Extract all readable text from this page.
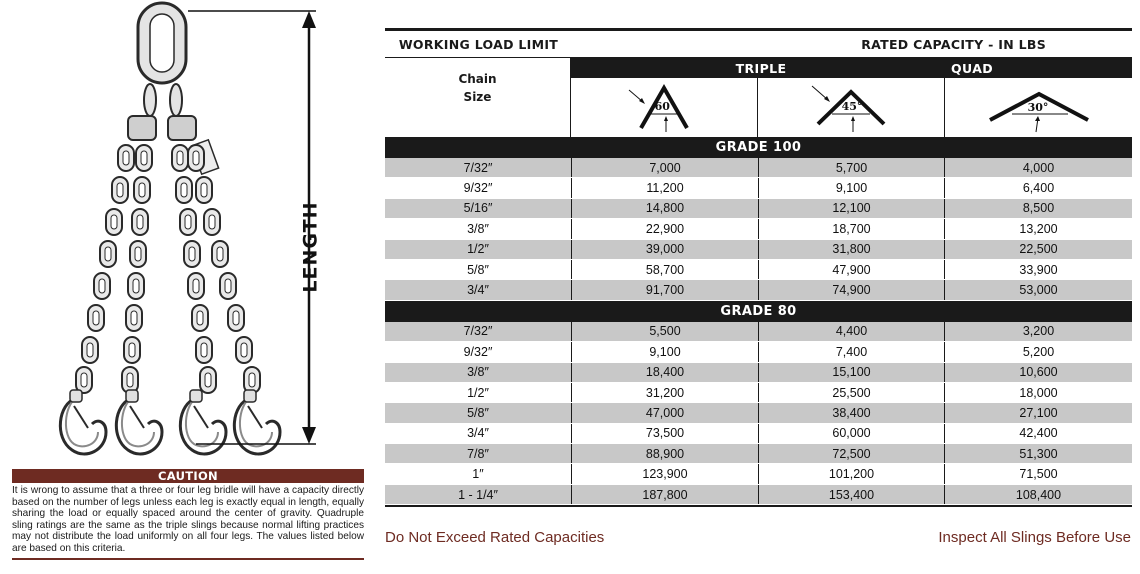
LENGTH
CAUTION
It is wrong to assume that a three or four leg bridle will have a capacity directly based on the number of legs unless each leg is exactly equal in length, equally sharing the load or equally spaced around the center of gravity. Quadruple sling ratings are the same as the triple slings because normal lifting practices may not distribute the load uniformly on all four legs. The values listed below are based on this criteria.
WORKING LOAD LIMIT	RATED CAPACITY - IN LBS
Chain
Size
TRIPLE	QUAD
60°	45°	30°
GRADE 100
7/32″	7,000	5,700	4,000
9/32″	11,200	9,100	6,400
5/16″	14,800	12,100	8,500
3/8″	22,900	18,700	13,200
1/2″	39,000	31,800	22,500
5/8″	58,700	47,900	33,900
3/4″	91,700	74,900	53,000
GRADE 80
7/32″	5,500	4,400	3,200
9/32″	9,100	7,400	5,200
3/8″	18,400	15,100	10,600
1/2″	31,200	25,500	18,000
5/8″	47,000	38,400	27,100
3/4″	73,500	60,000	42,400
7/8″	88,900	72,500	51,300
1″	123,900	101,200	71,500
1 - 1/4″	187,800	153,400	108,400
Do Not Exceed Rated Capacities	Inspect All Slings Before Use
